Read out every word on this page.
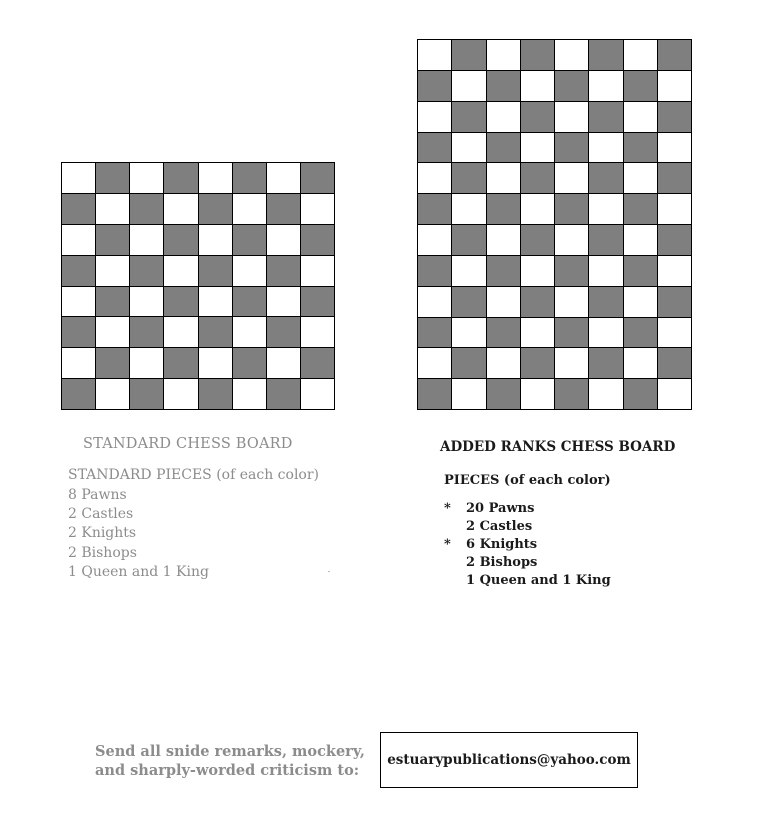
STANDARD CHESS BOARD
STANDARD PIECES (of each color)
8 Pawns
2 Castles
2 Knights
2 Bishops
1 Queen and 1 King
ADDED RANKS CHESS BOARD
PIECES (of each color)
* 20 Pawns
2 Castles
* 6 Knights
2 Bishops
1 Queen and 1 King
Send all snide remarks, mockery,
and sharply-worded criticism to:
estuarypublications@yahoo.com
